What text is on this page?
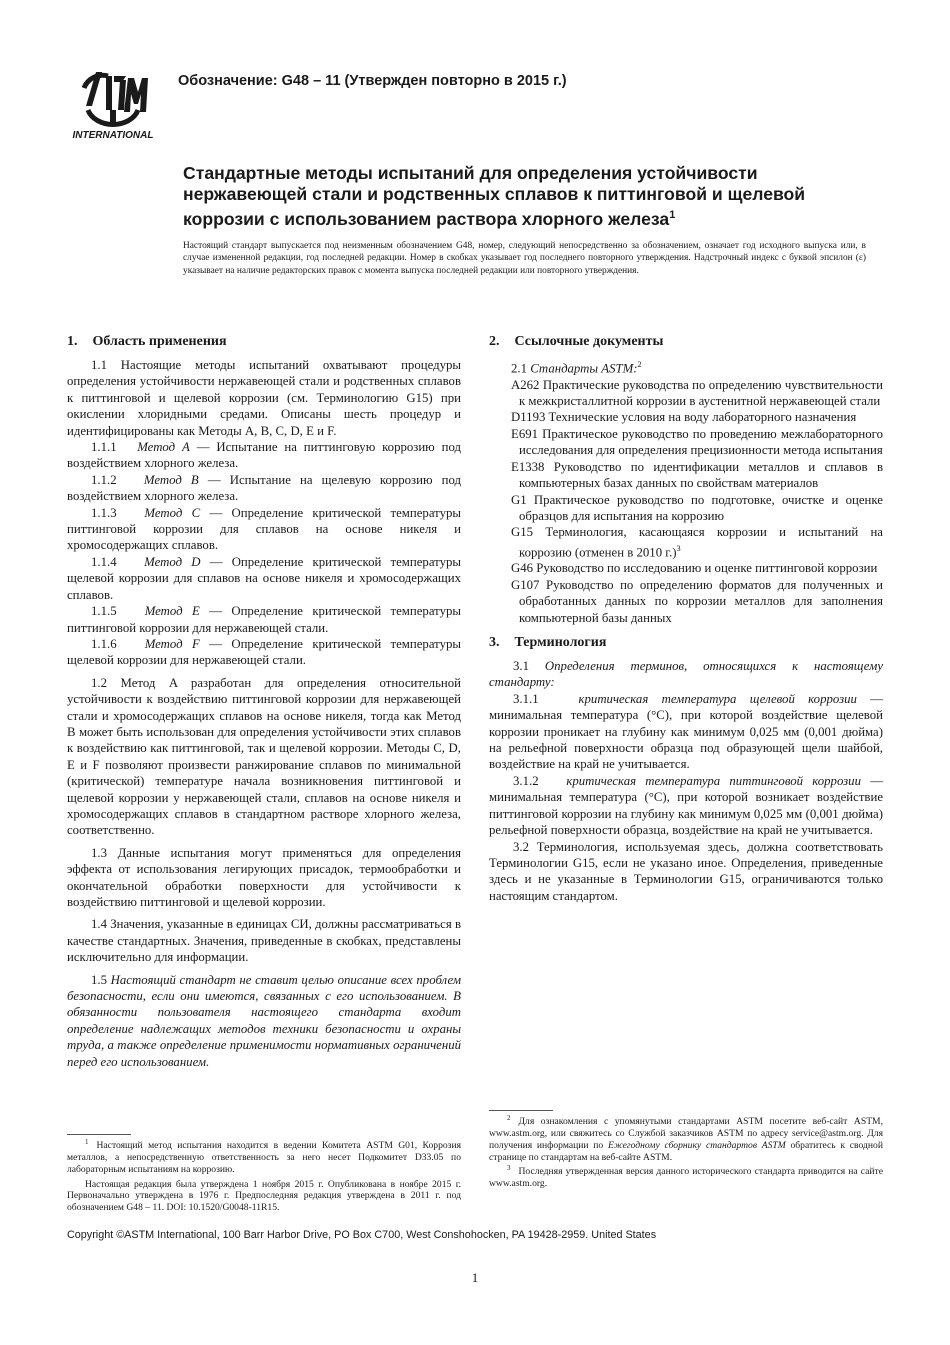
INTERNATIONAL
Обозначение: G48 – 11 (Утвержден повторно в 2015 г.)
Стандартные методы испытаний для определения устойчивости нержавеющей стали и родственных сплавов к питтинговой и щелевой коррозии с использованием раствора хлорного железа$^1$
Настоящий стандарт выпускается под неизменным обозначением G48, номер, следующий непосредственно за обозначением, означает год исходного выпуска или, в случае измененной редакции, год последней редакции. Номер в скобках указывает год последнего повторного утверждения. Надстрочный индекс с буквой эпсилон (ε) указывает на наличие редакторских правок с момента выпуска последней редакции или повторного утверждения.
1. Область применения
1.1 Настоящие методы испытаний охватывают процедуры определения устойчивости нержавеющей стали и родственных сплавов к питтинговой и щелевой коррозии (см. Терминологию G15) при окислении хлоридными средами. Описаны шесть процедур и идентифицированы как Методы A, B, C, D, E и F.
1.1.1 Метод A — Испытание на питтинговую коррозию под воздействием хлорного железа.
1.1.2 Метод B — Испытание на щелевую коррозию под воздействием хлорного железа.
1.1.3 Метод C — Определение критической температуры питтинговой коррозии для сплавов на основе никеля и хромосодержащих сплавов.
1.1.4 Метод D — Определение критической температуры щелевой коррозии для сплавов на основе никеля и хромосодержащих сплавов.
1.1.5 Метод E — Определение критической температуры питтинговой коррозии для нержавеющей стали.
1.1.6 Метод F — Определение критической температуры щелевой коррозии для нержавеющей стали.
1.2 Метод A разработан для определения относительной устойчивости к воздействию питтинговой коррозии для нержавеющей стали и хромосодержащих сплавов на основе никеля, тогда как Метод B может быть использован для определения устойчивости этих сплавов к воздействию как питтинговой, так и щелевой коррозии. Методы C, D, E и F позволяют произвести ранжирование сплавов по минимальной (критической) температуре начала возникновения питтинговой и щелевой коррозии у нержавеющей стали, сплавов на основе никеля и хромосодержащих сплавов в стандартном растворе хлорного железа, соответственно.
1.3 Данные испытания могут применяться для определения эффекта от использования легирующих присадок, термообработки и окончательной обработки поверхности для устойчивости к воздействию питтинговой и щелевой коррозии.
1.4 Значения, указанные в единицах СИ, должны рассматриваться в качестве стандартных. Значения, приведенные в скобках, представлены исключительно для информации.
1.5 Настоящий стандарт не ставит целью описание всех проблем безопасности, если они имеются, связанных с его использованием. В обязанности пользователя настоящего стандарта входит определение надлежащих методов техники безопасности и охраны труда, а также определение применимости нормативных ограничений перед его использованием.

$^1$ Настоящий метод испытания находится в ведении Комитета ASTM G01, Коррозия металлов, а непосредственную ответственность за него несет Подкомитет D33.05 по лабораторным испытаниям на коррозию.

Настоящая редакция была утверждена 1 ноября 2015 г. Опубликована в ноябре 2015 г. Первоначально утверждена в 1976 г. Предпоследняя редакция утверждена в 2011 г. под обозначением G48 – 11. DOI: 10.1520/G0048-11R15.

2. Ссылочные документы
2.1 Стандарты ASTM:$^2$
A262 Практические руководства по определению чувствительности к межкристаллитной коррозии в аустенитной нержавеющей стали
D1193 Технические условия на воду лабораторного назначения
E691 Практическое руководство по проведению межлабораторного исследования для определения прецизионности метода испытания
E1338 Руководство по идентификации металлов и сплавов в компьютерных базах данных по свойствам материалов
G1 Практическое руководство по подготовке, очистке и оценке образцов для испытания на коррозию
G15 Терминология, касающаяся коррозии и испытаний на коррозию (отменен в 2010 г.)$^3$
G46 Руководство по исследованию и оценке питтинговой коррозии
G107 Руководство по определению форматов для полученных и обработанных данных по коррозии металлов для заполнения компьютерной базы данных
3. Терминология
3.1 Определения терминов, относящихся к настоящему стандарту:
3.1.1   критическая температура щелевой коррозии — минимальная температура (°C), при которой воздействие щелевой коррозии проникает на глубину как минимум 0,025 мм (0,001 дюйма) на рельефной поверхности образца под образующей щели шайбой, воздействие на край не учитывается.
3.1.2   критическая температура питтинговой коррозии — минимальная температура (°C), при которой возникает воздействие питтинговой коррозии на глубину как минимум 0,025 мм (0,001 дюйма) рельефной поверхности образца, воздействие на край не учитывается.
3.2 Терминология, используемая здесь, должна соответствовать Терминологии G15, если не указано иное. Определения, приведенные здесь и не указанные в Терминологии G15, ограничиваются только настоящим стандартом.

$^2$ Для ознакомления с упомянутыми стандартами ASTM посетите веб-сайт ASTM, www.astm.org, или свяжитесь со Службой заказчиков ASTM по адресу service@astm.org. Для получения информации по Ежегодному сборнику стандартов ASTM обратитесь к сводной странице по стандартам на веб-сайте ASTM.

$^3$ Последняя утвержденная версия данного исторического стандарта приводится на сайте www.astm.org.

Copyright ©ASTM International, 100 Barr Harbor Drive, PO Box C700, West Conshohocken, PA 19428-2959. United States
1
